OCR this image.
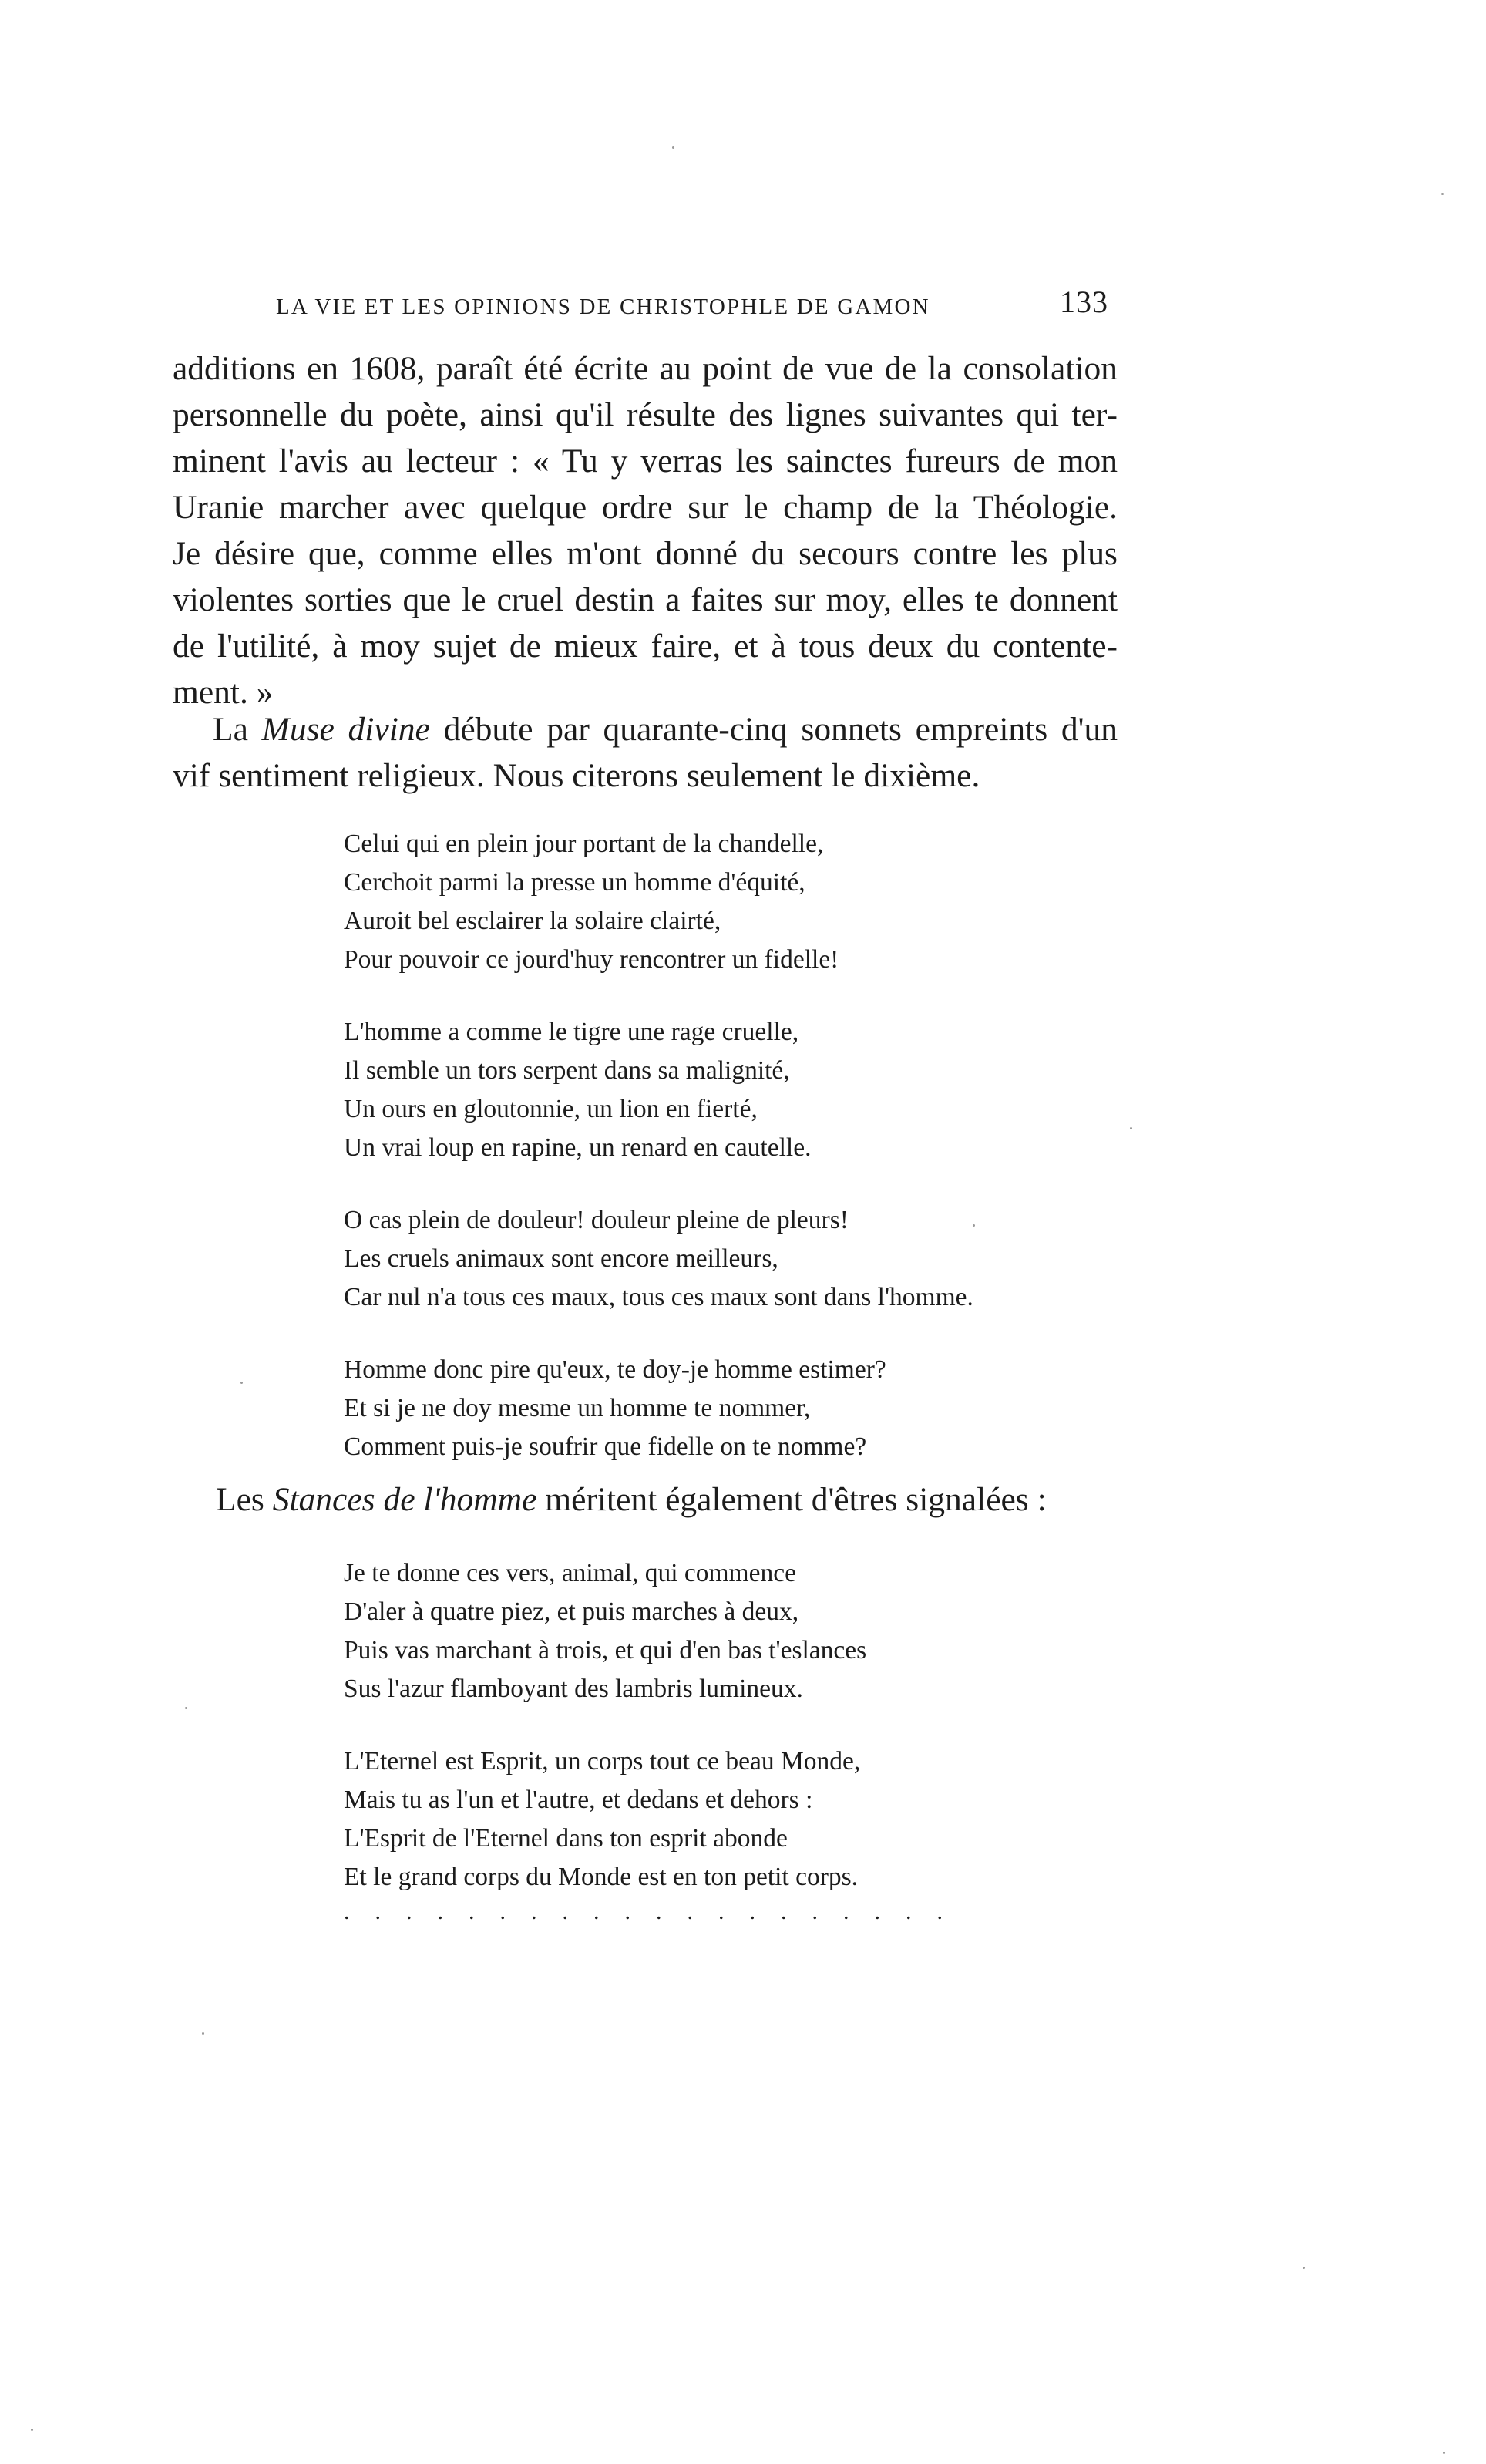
LA VIE ET LES OPINIONS DE CHRISTOPHLE DE GAMON	133

additions en 1608, paraît été écrite au point de vue de la consolation

personnelle du poète, ainsi qu'il résulte des lignes suivantes qui ter-

minent l'avis au lecteur : « Tu y verras les sainctes fureurs de mon

Uranie marcher avec quelque ordre sur le champ de la Théologie.

Je désire que, comme elles m'ont donné du secours contre les plus

violentes sorties que le cruel destin a faites sur moy, elles te donnent

de l'utilité, à moy sujet de mieux faire, et à tous deux du contente-

ment. »

La Muse divine débute par quarante-cinq sonnets empreints d'un

vif sentiment religieux. Nous citerons seulement le dixième.

Celui qui en plein jour portant de la chandelle,
Cerchoit parmi la presse un homme d'équité,
Auroit bel esclairer la solaire clairté,
Pour pouvoir ce jourd'huy rencontrer un fidelle!
L'homme a comme le tigre une rage cruelle,
Il semble un tors serpent dans sa malignité,
Un ours en gloutonnie, un lion en fierté,
Un vrai loup en rapine, un renard en cautelle.
O cas plein de douleur! douleur pleine de pleurs!
Les cruels animaux sont encore meilleurs,
Car nul n'a tous ces maux, tous ces maux sont dans l'homme.
Homme donc pire qu'eux, te doy-je homme estimer?
Et si je ne doy mesme un homme te nommer,
Comment puis-je soufrir que fidelle on te nomme?
Les Stances de l'homme méritent également d'êtres signalées :
Je te donne ces vers, animal, qui commence
D'aler à quatre piez, et puis marches à deux,
Puis vas marchant à trois, et qui d'en bas t'eslances
Sus l'azur flamboyant des lambris lumineux.
L'Eternel est Esprit, un corps tout ce beau Monde,
Mais tu as l'un et l'autre, et dedans et dehors :
L'Esprit de l'Eternel dans ton esprit abonde
Et le grand corps du Monde est en ton petit corps.
....................
